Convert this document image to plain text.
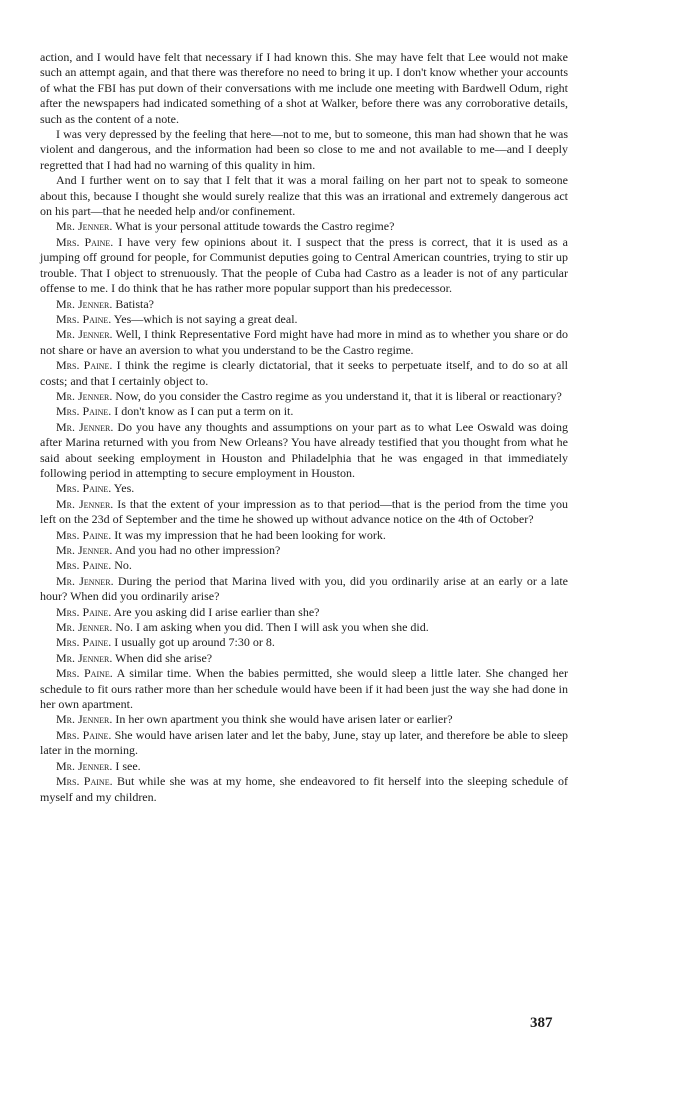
action, and I would have felt that necessary if I had known this. She may have felt that Lee would not make such an attempt again, and that there was therefore no need to bring it up. I don't know whether your accounts of what the FBI has put down of their conversations with me include one meeting with Bardwell Odum, right after the newspapers had indicated something of a shot at Walker, before there was any corroborative details, such as the content of a note.

I was very depressed by the feeling that here—not to me, but to someone, this man had shown that he was violent and dangerous, and the information had been so close to me and not available to me—and I deeply regretted that I had had no warning of this quality in him.

And I further went on to say that I felt that it was a moral failing on her part not to speak to someone about this, because I thought she would surely realize that this was an irrational and extremely dangerous act on his part—that he needed help and/or confinement.

Mr. Jenner. What is your personal attitude towards the Castro regime?

Mrs. Paine. I have very few opinions about it. I suspect that the press is correct, that it is used as a jumping off ground for people, for Communist deputies going to Central American countries, trying to stir up trouble. That I object to strenuously. That the people of Cuba had Castro as a leader is not of any particular offense to me. I do think that he has rather more popular support than his predecessor.

Mr. Jenner. Batista?

Mrs. Paine. Yes—which is not saying a great deal.

Mr. Jenner. Well, I think Representative Ford might have had more in mind as to whether you share or do not share or have an aversion to what you understand to be the Castro regime.

Mrs. Paine. I think the regime is clearly dictatorial, that it seeks to perpetuate itself, and to do so at all costs; and that I certainly object to.

Mr. Jenner. Now, do you consider the Castro regime as you understand it, that it is liberal or reactionary?

Mrs. Paine. I don't know as I can put a term on it.

Mr. Jenner. Do you have any thoughts and assumptions on your part as to what Lee Oswald was doing after Marina returned with you from New Orleans? You have already testified that you thought from what he said about seeking employment in Houston and Philadelphia that he was engaged in that immediately following period in attempting to secure employment in Houston.

Mrs. Paine. Yes.

Mr. Jenner. Is that the extent of your impression as to that period—that is the period from the time you left on the 23d of September and the time he showed up without advance notice on the 4th of October?

Mrs. Paine. It was my impression that he had been looking for work.

Mr. Jenner. And you had no other impression?

Mrs. Paine. No.

Mr. Jenner. During the period that Marina lived with you, did you ordinarily arise at an early or a late hour? When did you ordinarily arise?

Mrs. Paine. Are you asking did I arise earlier than she?

Mr. Jenner. No. I am asking when you did. Then I will ask you when she did.

Mrs. Paine. I usually got up around 7:30 or 8.

Mr. Jenner. When did she arise?

Mrs. Paine. A similar time. When the babies permitted, she would sleep a little later. She changed her schedule to fit ours rather more than her schedule would have been if it had been just the way she had done in her own apartment.

Mr. Jenner. In her own apartment you think she would have arisen later or earlier?

Mrs. Paine. She would have arisen later and let the baby, June, stay up later, and therefore be able to sleep later in the morning.

Mr. Jenner. I see.

Mrs. Paine. But while she was at my home, she endeavored to fit herself into the sleeping schedule of myself and my children.

387
